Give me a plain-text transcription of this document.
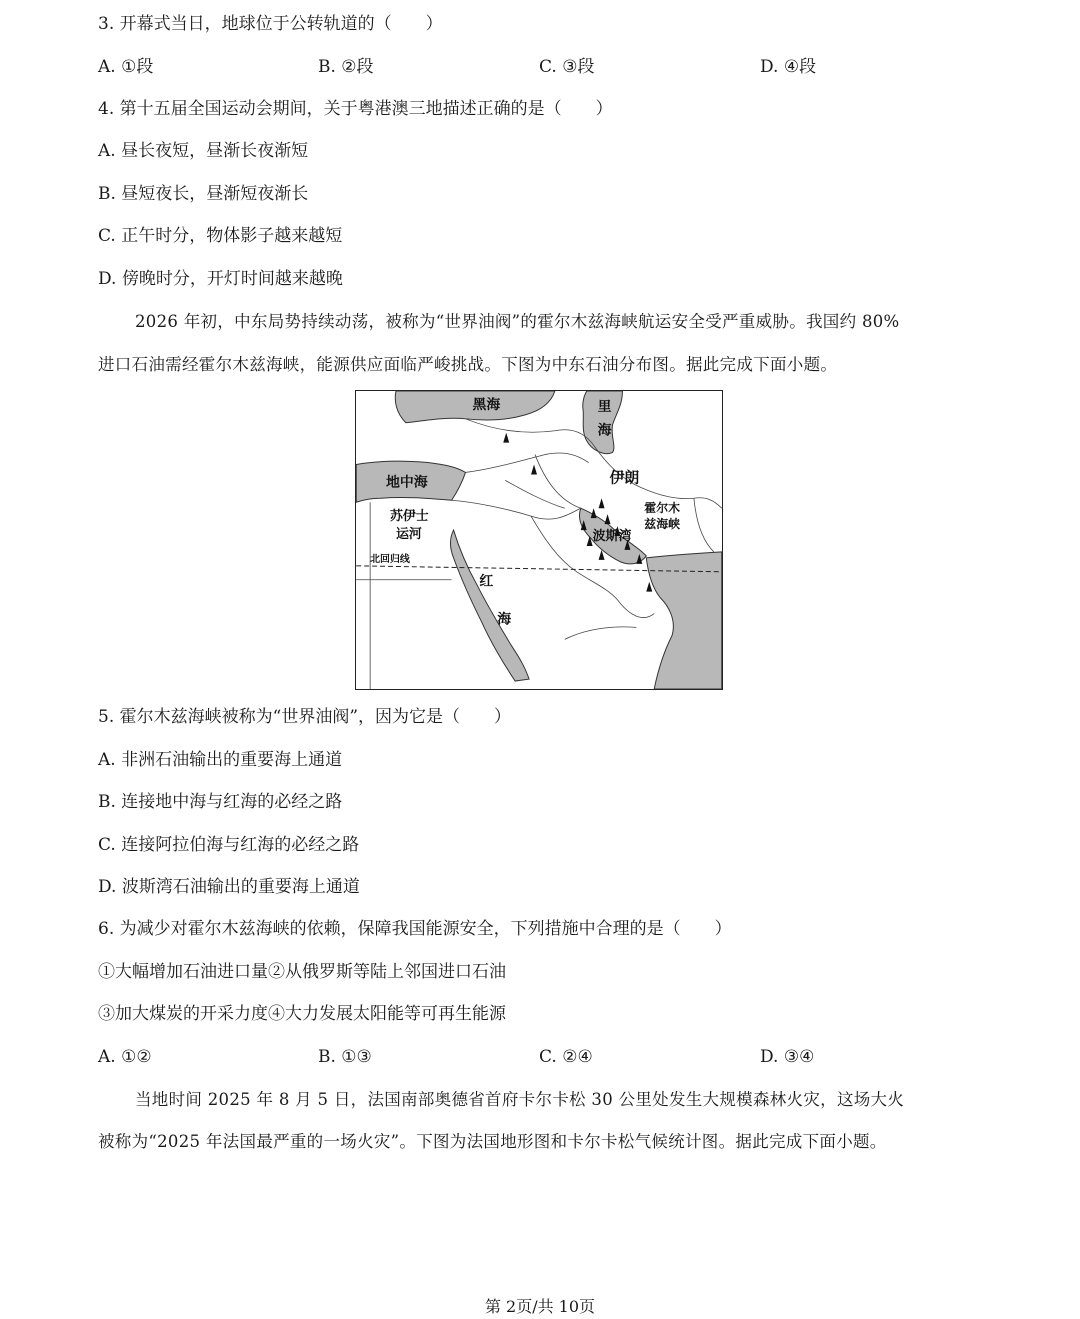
3. 开幕式当日，地球位于公转轨道的（　　）
A. ①段	B. ②段	C. ③段	D. ④段
4. 第十五届全国运动会期间，关于粤港澳三地描述正确的是（　　）
A. 昼长夜短，昼渐长夜渐短
B. 昼短夜长，昼渐短夜渐长
C. 正午时分，物体影子越来越短
D. 傍晚时分，开灯时间越来越晚
2026 年初，中东局势持续动荡，被称为“世界油阀”的霍尔木兹海峡航运安全受严重威胁。我国约 80%
进口石油需经霍尔木兹海峡，能源供应面临严峻挑战。下图为中东石油分布图。据此完成下面小题。
黑海	里
海
伊朗
地中海
霍尔木
兹海峡
苏伊士
运河
北回归线
红
海
波斯湾
5. 霍尔木兹海峡被称为“世界油阀”，因为它是（　　）
A. 非洲石油输出的重要海上通道
B. 连接地中海与红海的必经之路
C. 连接阿拉伯海与红海的必经之路
D. 波斯湾石油输出的重要海上通道
6. 为减少对霍尔木兹海峡的依赖，保障我国能源安全，下列措施中合理的是（　　）
①大幅增加石油进口量②从俄罗斯等陆上邻国进口石油
③加大煤炭的开采力度④大力发展太阳能等可再生能源
A. ①②	B. ①③	C. ②④	D. ③④
当地时间 2025 年 8 月 5 日，法国南部奥德省首府卡尔卡松 30 公里处发生大规模森林火灾，这场大火
被称为“2025 年法国最严重的一场火灾”。下图为法国地形图和卡尔卡松气候统计图。据此完成下面小题。
第 2页/共 10页
